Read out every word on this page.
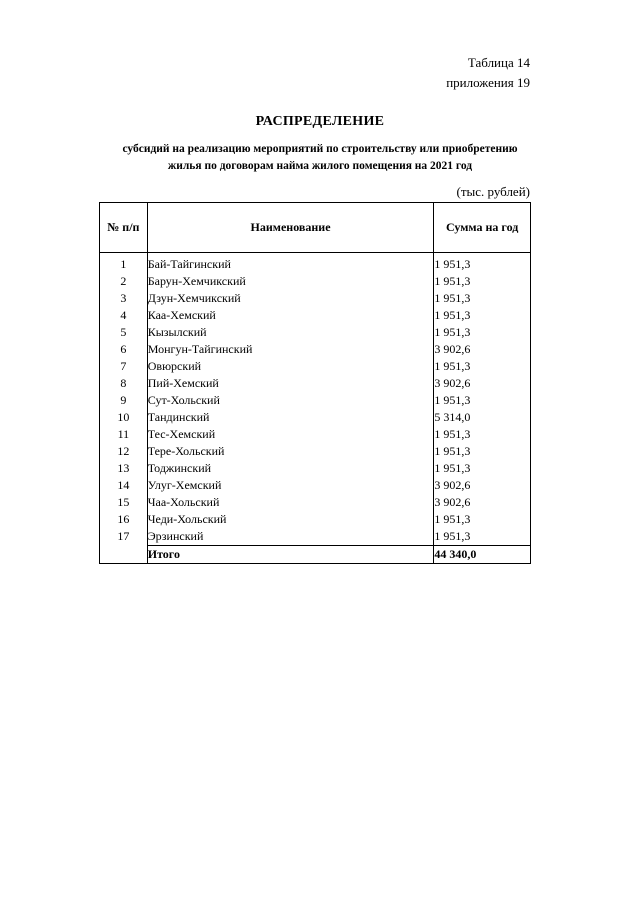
Таблица 14
приложения 19
РАСПРЕДЕЛЕНИЕ
субсидий на реализацию мероприятий по строительству или приобретению
жилья по договорам найма жилого помещения на 2021 год
(тыс. рублей)
№ п/п	Наименование	Сумма на год
1	Бай-Тайгинский	1 951,3
2	Барун-Хемчикский	1 951,3
3	Дзун-Хемчикский	1 951,3
4	Каа-Хемский	1 951,3
5	Кызылский	1 951,3
6	Монгун-Тайгинский	3 902,6
7	Овюрский	1 951,3
8	Пий-Хемский	3 902,6
9	Сут-Хольский	1 951,3
10	Тандинский	5 314,0
11	Тес-Хемский	1 951,3
12	Тере-Хольский	1 951,3
13	Тоджинский	1 951,3
14	Улуг-Хемский	3 902,6
15	Чаа-Хольский	3 902,6
16	Чеди-Хольский	1 951,3
17	Эрзинский	1 951,3
	Итого	44 340,0
